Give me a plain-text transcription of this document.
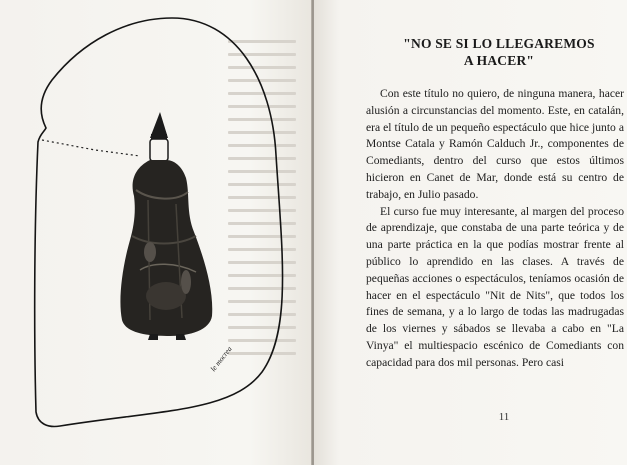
le mocrea
"NO SE SI LO LLEGAREMOS
A HACER"

Con este título no quiero, de ninguna manera, hacer alusión a circunstancias del momento. Este, en catalán, era el título de un pequeño espectáculo que hice junto a Montse Catala y Ramón Calduch Jr., componentes de Comediants, dentro del curso que estos últimos hicieron en Canet de Mar, donde está su centro de trabajo, en Julio pasado.

El curso fue muy interesante, al margen del proceso de aprendizaje, que constaba de una parte teórica y de una parte práctica en la que podías mostrar frente al público lo aprendido en las clases. A través de pequeñas acciones o espectáculos, teníamos ocasión de hacer en el espectáculo "Nit de Nits", que todos los fines de semana, y a lo largo de todas las madrugadas de los viernes y sábados se llevaba a cabo en "La Vinya" el multiespacio escénico de Comediants con capacidad para dos mil personas. Pero casi

11
